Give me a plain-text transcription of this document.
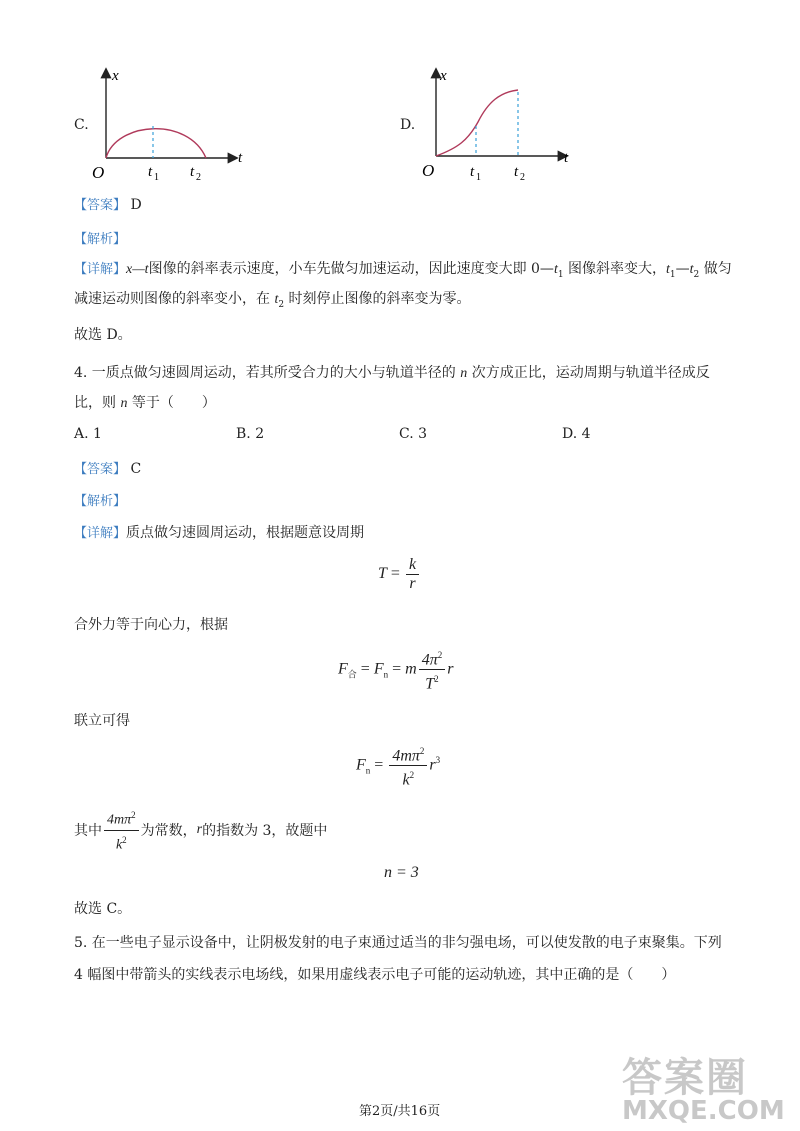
C.
x
t
O	t 1 t 2
D.
x
t
O t 1 t 2
【答案】 D
【解析】
【详解】x—t图像的斜率表示速度，小车先做匀加速运动，因此速度变大即 $0—t_1$ 图像斜率变大，$t_1—t_2$ 做匀
减速运动则图像的斜率变小，在 $t_2$ 时刻停止图像的斜率变为零。
故选 D。
4. 一质点做匀速圆周运动，若其所受合力的大小与轨道半径的 n 次方成正比，运动周期与轨道半径成反
比，则 n 等于（　　）
A. 1	B. 2	C. 3	D. 4
【答案】 C
【解析】
【详解】质点做匀速圆周运动，根据题意设周期
$T = \frac{k}{r}$
合外力等于向心力，根据
$F_合 = F_n = m \frac{4\pi^2}{T^2}$ r
联立可得
$F_n = \frac{4m\pi^2}{k^2} r^3$
其中 $\frac{4m\pi^2}{k^2}$ 为常数， r 的指数为 3，故题中
n = 3
故选 C。
5. 在一些电子显示设备中，让阴极发射的电子束通过适当的非匀强电场，可以使发散的电子束聚集。下列
4 幅图中带箭头的实线表示电场线，如果用虚线表示电子可能的运动轨迹，其中正确的是（　　）
答案圈
MXQE.COM
第2页/共16页
